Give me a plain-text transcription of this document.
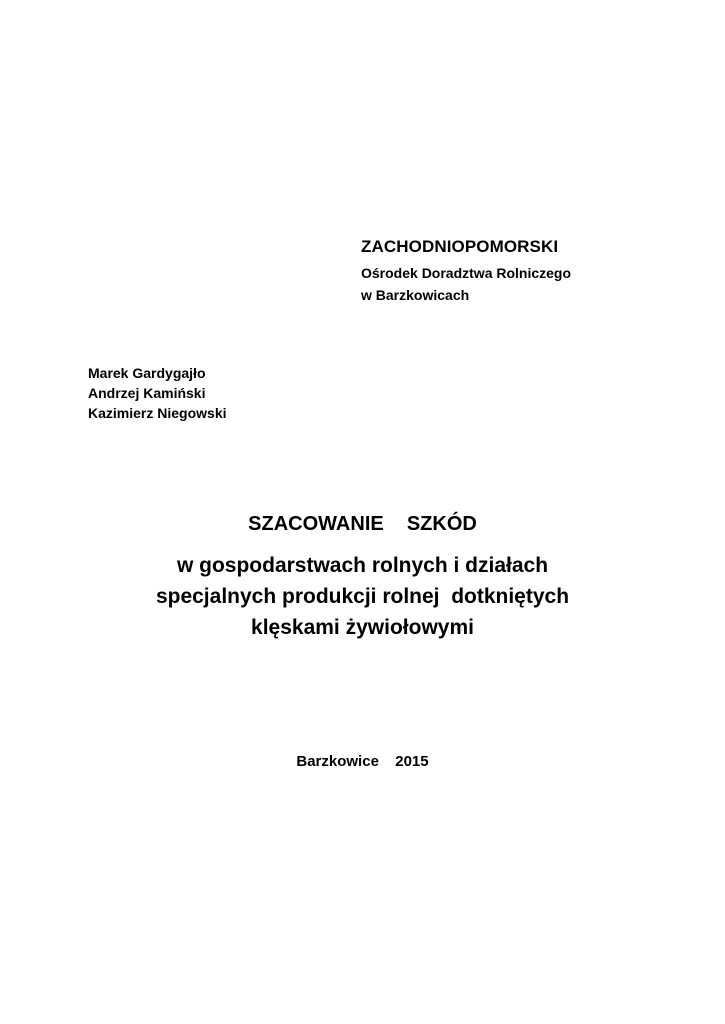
ZACHODNIOPOMORSKI
Ośrodek Doradztwa Rolniczego
w Barzkowicach
Marek Gardygajło
Andrzej Kamiński
Kazimierz Niegowski
SZACOWANIE  SZKÓD
w gospodarstwach rolnych i działach
specjalnych produkcji rolnej  dotkniętych
klęskami żywiołowymi
Barzkowice  2015
